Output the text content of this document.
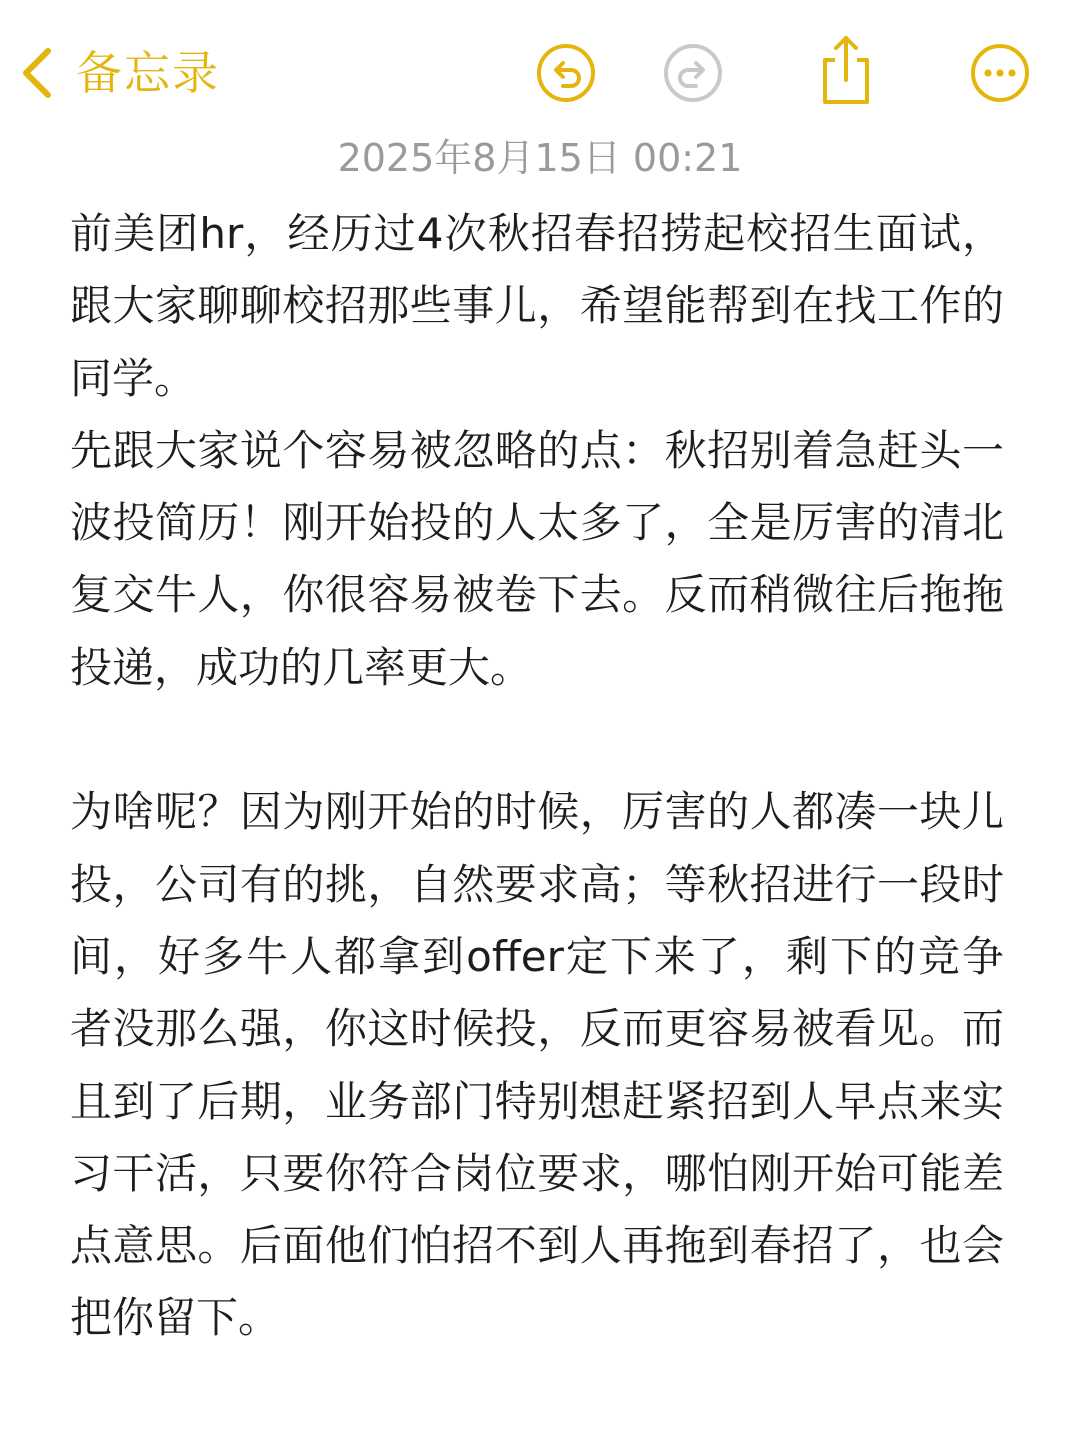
备忘录
2025年8月15日 00:21

前美团hr，经历过4次秋招春招捞起校招生面试，跟大家聊聊校招那些事儿，希望能帮到在找工作的同学。

先跟大家说个容易被忽略的点：秋招别着急赶头一波投简历！刚开始投的人太多了，全是厉害的清北复交牛人，你很容易被卷下去。反而稍微往后拖拖投递，成功的几率更大。

为啥呢？因为刚开始的时候，厉害的人都凑一块儿投，公司有的挑，自然要求高；等秋招进行一段时间，好多牛人都拿到offer定下来了，剩下的竞争者没那么强，你这时候投，反而更容易被看见。而且到了后期，业务部门特别想赶紧招到人早点来实习干活，只要你符合岗位要求，哪怕刚开始可能差点意思。后面他们怕招不到人再拖到春招了，也会把你留下。
